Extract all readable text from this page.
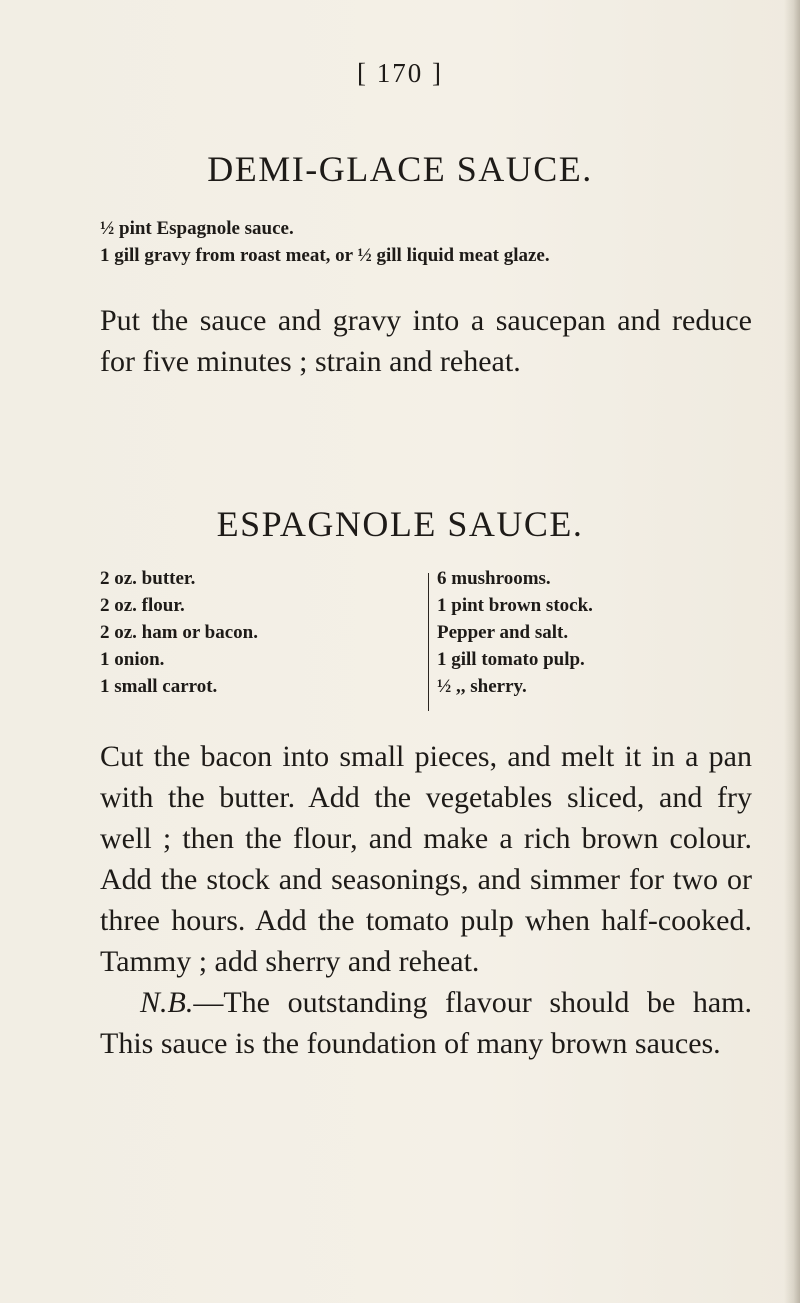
[ 170 ]
DEMI-GLACE SAUCE.
½ pint Espagnole sauce.
1 gill gravy from roast meat, or ½ gill liquid meat glaze.
Put the sauce and gravy into a saucepan and reduce for five minutes ; strain and reheat.
ESPAGNOLE SAUCE.
2 oz. butter.
2 oz. flour.
2 oz. ham or bacon.
1 onion.
1 small carrot.
6 mushrooms.
1 pint brown stock.
Pepper and salt.
1 gill tomato pulp.
½ ,, sherry.
Cut the bacon into small pieces, and melt it in a pan with the butter. Add the vegetables sliced, and fry well ; then the flour, and make a rich brown colour. Add the stock and seasonings, and simmer for two or three hours. Add the tomato pulp when half-cooked. Tammy ; add sherry and reheat.
N.B.—The outstanding flavour should be ham. This sauce is the foundation of many brown sauces.
